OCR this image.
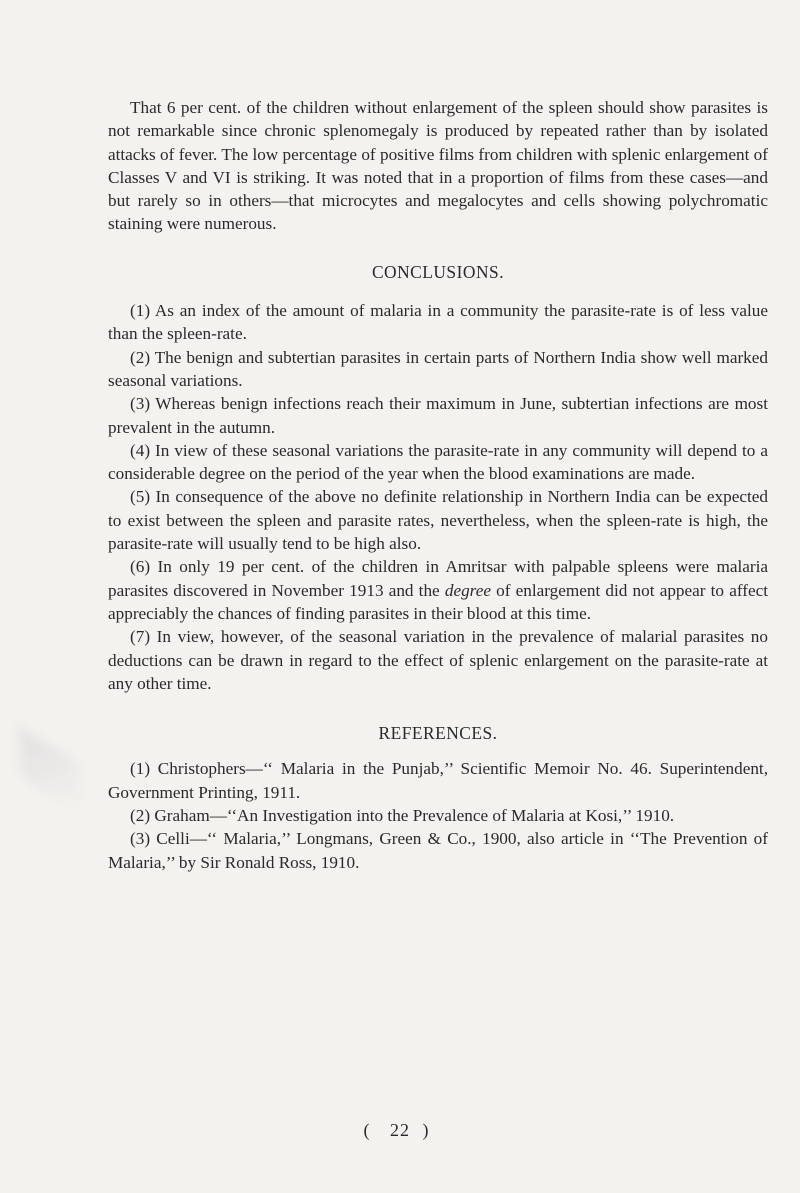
That 6 per cent. of the children without enlargement of the spleen should show parasites is not remarkable since chronic splenomegaly is produced by repeated rather than by isolated attacks of fever. The low percentage of positive films from children with splenic enlargement of Classes V and VI is striking. It was noted that in a proportion of films from these cases—and but rarely so in others—that microcytes and megalocytes and cells showing polychromatic staining were numerous.

CONCLUSIONS.

(1) As an index of the amount of malaria in a community the parasite-rate is of less value than the spleen-rate.

(2) The benign and subtertian parasites in certain parts of Northern India show well marked seasonal variations.

(3) Whereas benign infections reach their maximum in June, subtertian infections are most prevalent in the autumn.

(4) In view of these seasonal variations the parasite-rate in any community will depend to a considerable degree on the period of the year when the blood examinations are made.

(5) In consequence of the above no definite relationship in Northern India can be expected to exist between the spleen and parasite rates, nevertheless, when the spleen-rate is high, the parasite-rate will usually tend to be high also.

(6) In only 19 per cent. of the children in Amritsar with palpable spleens were malaria parasites discovered in November 1913 and the degree of enlargement did not appear to affect appreciably the chances of finding parasites in their blood at this time.

(7) In view, however, of the seasonal variation in the prevalence of malarial parasites no deductions can be drawn in regard to the effect of splenic enlargement on the parasite-rate at any other time.

REFERENCES.

(1) Christophers—‘‘ Malaria in the Punjab,’’ Scientific Memoir No. 46. Superintendent, Government Printing, 1911.

(2) Graham—‘‘An Investigation into the Prevalence of Malaria at Kosi,’’ 1910.

(3) Celli—‘‘ Malaria,’’ Longmans, Green & Co., 1900, also article in ‘‘The Prevention of Malaria,’’ by Sir Ronald Ross, 1910.

( 22 )
